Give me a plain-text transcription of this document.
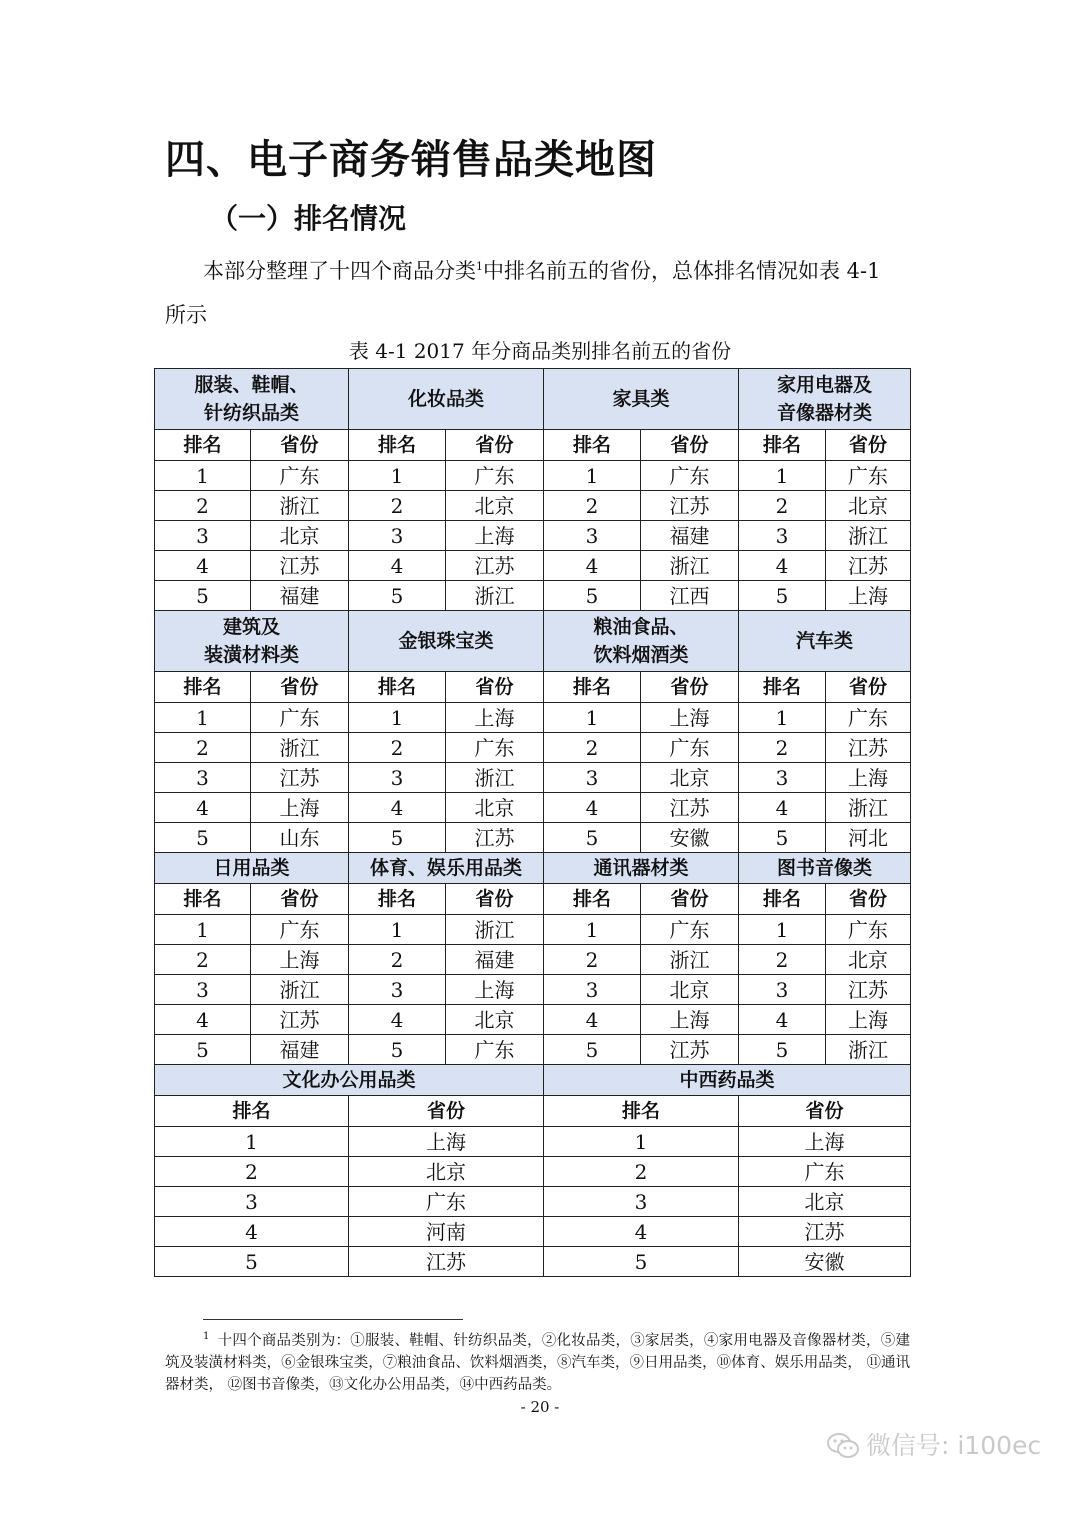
四、电子商务销售品类地图
（一）排名情况
本部分整理了十四个商品分类$^1$中排名前五的省份，总体排名情况如表 4-1
所示
表 4-1 2017 年分商品类别排名前五的省份
服装、鞋帽、
针纺织品类		化妆品类		家具类		家用电器及
音像器材类	
排名	省份	排名	省份	排名	省份	排名	省份
1	广东	1	广东	1	广东	1	广东
2	浙江	2	北京	2	江苏	2	北京
3	北京	3	上海	3	福建	3	浙江
4	江苏	4	江苏	4	浙江	4	江苏
5	福建	5	浙江	5	江西	5	上海
建筑及
装潢材料类		金银珠宝类		粮油食品、
饮料烟酒类		汽车类	
排名	省份	排名	省份	排名	省份	排名	省份
1	广东	1	上海	1	上海	1	广东
2	浙江	2	广东	2	广东	2	江苏
3	江苏	3	浙江	3	北京	3	上海
4	上海	4	北京	4	江苏	4	浙江
5	山东	5	江苏	5	安徽	5	河北
日用品类		体育、娱乐用品类		通讯器材类		图书音像类	
排名	省份	排名	省份	排名	省份	排名	省份
1	广东	1	浙江	1	广东	1	广东
2	上海	2	福建	2	浙江	2	北京
3	浙江	3	上海	3	北京	3	江苏
4	江苏	4	北京	4	上海	4	上海
5	福建	5	广东	5	江苏	5	浙江
文化办公用品类				中西药品类			
排名		省份		排名		省份	
1		上海		1		上海	
2		北京		2		广东	
3		广东		3		北京	
4		河南		4		江苏	
5		江苏		5		安徽	
$^1$ 十四个商品类别为：①服装、鞋帽、针纺织品类，②化妆品类，③家居类，④家用电器及音像器材类，⑤建筑及装潢材料类，⑥金银珠宝类，⑦粮油食品、饮料烟酒类，⑧汽车类，⑨日用品类，⑩体育、娱乐用品类， ⑪通讯器材类， ⑫图书音像类，⑬文化办公用品类，⑭中西药品类。
- 20 -
微信号: i100ec
